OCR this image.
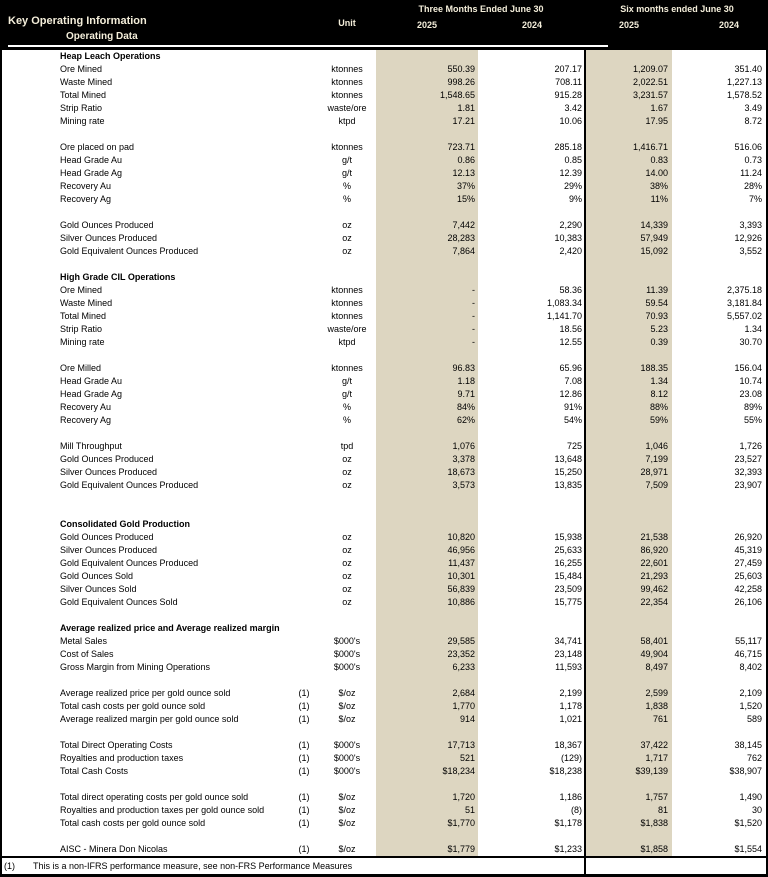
Key Operating Information
Operating Data
Unit
Three Months Ended June 30	Six months ended June 30
2025	2024	2025	2024
Heap Leach Operations
Ore Mined	ktonnes	550.39	207.17	1,209.07	351.40
Waste Mined	ktonnes	998.26	708.11	2,022.51	1,227.13
Total Mined	ktonnes	1,548.65	915.28	3,231.57	1,578.52
Strip Ratio	waste/ore	1.81	3.42	1.67	3.49
Mining rate	ktpd	17.21	10.06	17.95	8.72
Ore placed on pad	ktonnes	723.71	285.18	1,416.71	516.06
Head Grade Au	g/t	0.86	0.85	0.83	0.73
Head Grade Ag	g/t	12.13	12.39	14.00	11.24
Recovery Au	%	37%	29%	38%	28%
Recovery Ag	%	15%	9%	11%	7%
Gold Ounces Produced	oz	7,442	2,290	14,339	3,393
Silver Ounces Produced	oz	28,283	10,383	57,949	12,926
Gold Equivalent Ounces Produced	oz	7,864	2,420	15,092	3,552
High Grade CIL Operations
Ore Mined	ktonnes	-	58.36	11.39	2,375.18
Waste Mined	ktonnes	-	1,083.34	59.54	3,181.84
Total Mined	ktonnes	-	1,141.70	70.93	5,557.02
Strip Ratio	waste/ore	-	18.56	5.23	1.34
Mining rate	ktpd	-	12.55	0.39	30.70
Ore Milled	ktonnes	96.83	65.96	188.35	156.04
Head Grade Au	g/t	1.18	7.08	1.34	10.74
Head Grade Ag	g/t	9.71	12.86	8.12	23.08
Recovery Au	%	84%	91%	88%	89%
Recovery Ag	%	62%	54%	59%	55%
Mill Throughput	tpd	1,076	725	1,046	1,726
Gold Ounces Produced	oz	3,378	13,648	7,199	23,527
Silver Ounces Produced	oz	18,673	15,250	28,971	32,393
Gold Equivalent Ounces Produced	oz	3,573	13,835	7,509	23,907
Consolidated Gold Production
Gold Ounces Produced	oz	10,820	15,938	21,538	26,920
Silver Ounces Produced	oz	46,956	25,633	86,920	45,319
Gold Equivalent Ounces Produced	oz	11,437	16,255	22,601	27,459
Gold Ounces Sold	oz	10,301	15,484	21,293	25,603
Silver Ounces Sold	oz	56,839	23,509	99,462	42,258
Gold Equivalent Ounces Sold	oz	10,886	15,775	22,354	26,106
Average realized price and Average realized margin
Metal Sales	$000's	29,585	34,741	58,401	55,117
Cost of Sales	$000's	23,352	23,148	49,904	46,715
Gross Margin from Mining Operations	$000's	6,233	11,593	8,497	8,402
Average realized price per gold ounce sold	(1)	$/oz	2,684	2,199	2,599	2,109
Total cash costs per gold ounce sold	(1)	$/oz	1,770	1,178	1,838	1,520
Average realized margin per gold ounce sold	(1)	$/oz	914	1,021	761	589
Total Direct Operating Costs	(1)	$000's	17,713	18,367	37,422	38,145
Royalties and production taxes	(1)	$000's	521	(129)	1,717	762
Total Cash Costs	(1)	$000's	$18,234	$18,238	$39,139	$38,907
Total direct operating costs per gold ounce sold	(1)	$/oz	1,720	1,186	1,757	1,490
Royalties and production taxes per gold ounce sold	(1)	$/oz	51	(8)	81	30
Total cash costs per gold ounce sold	(1)	$/oz	$1,770	$1,178	$1,838	$1,520
AISC - Minera Don Nicolas	(1)	$/oz	$1,779	$1,233	$1,858	$1,554
(1) This is a non-IFRS performance measure, see non-FRS Performance Measures
